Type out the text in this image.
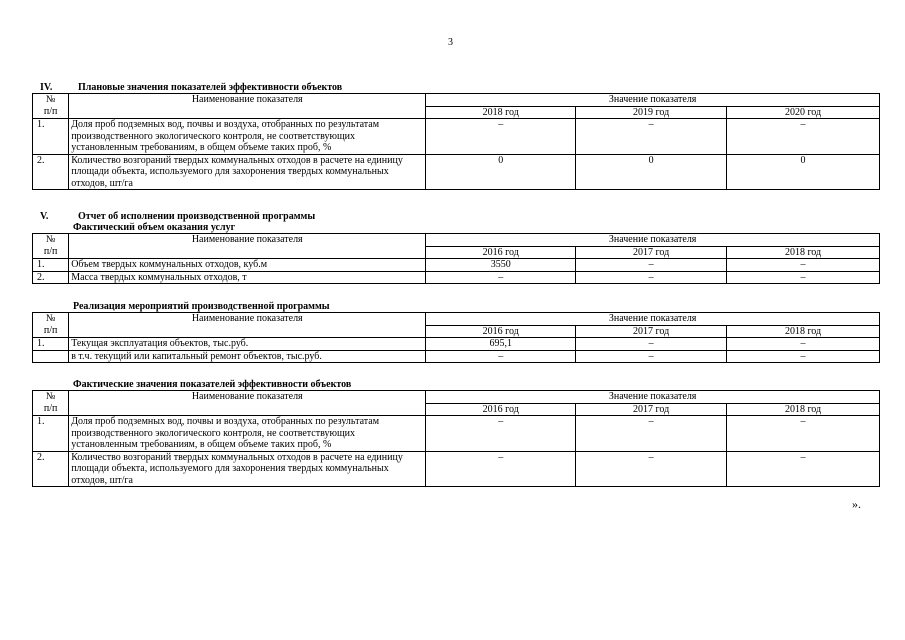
3
IV.	Плановые значения показателей эффективности объектов
№	Наименование показателя	Значение показателя		
п/п		2018 год	2019 год	2020 год
1.	Доля проб подземных вод, почвы и воздуха, отобранных по результатам производственного экологического контроля, не соответствующих установленным требованиям, в общем объеме таких проб, %	–	–	–
2.	Количество возгораний твердых коммунальных отходов в расчете на единицу площади объекта, используемого для захоронения твердых коммунальных отходов, шт/га	0	0	0
V.	Отчет об исполнении производственной программы
Фактический объем оказания услуг
№	Наименование показателя	Значение показателя		
п/п		2016 год	2017 год	2018 год
1.	Объем твердых коммунальных отходов, куб.м	3550	–	–
2.	Масса твердых коммунальных отходов, т	–	–	–
Реализация мероприятий производственной программы
№	Наименование показателя	Значение показателя		
п/п		2016 год	2017 год	2018 год
1.	Текущая эксплуатация объектов, тыс.руб.	695,1	–	–
	в т.ч. текущий или капитальный ремонт объектов, тыс.руб.	–	–	–
Фактические значения показателей эффективности объектов
№	Наименование показателя	Значение показателя		
п/п		2016 год	2017 год	2018 год
1.	Доля проб подземных вод, почвы и воздуха, отобранных по результатам производственного экологического контроля, не соответствующих установленным требованиям, в общем объеме таких проб, %	–	–	–
2.	Количество возгораний твердых коммунальных отходов в расчете на единицу площади объекта, используемого для захоронения твердых коммунальных отходов, шт/га	–	–	–
».
